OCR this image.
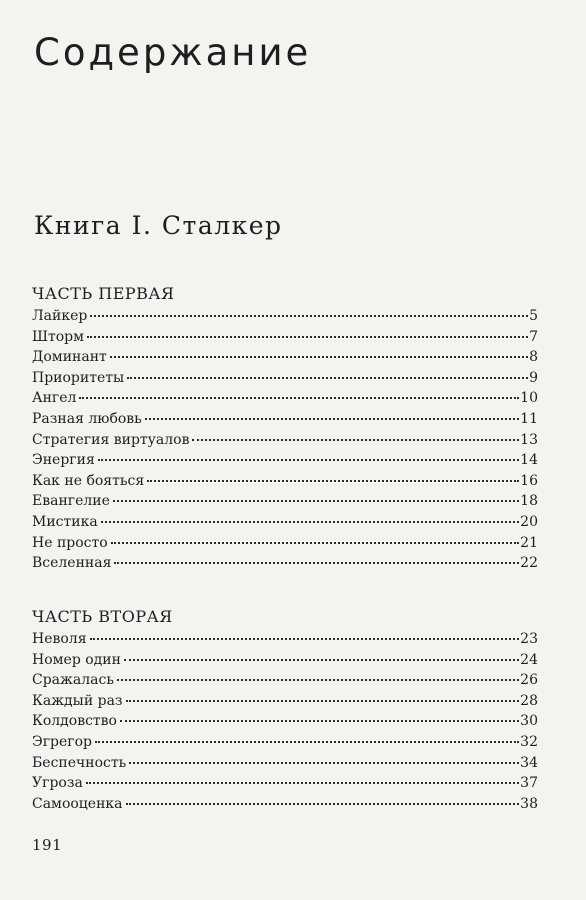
Содержание
Книга I. Сталкер
ЧАСТЬ ПЕРВАЯ
Лайкер	5
Шторм	7
Доминант	8
Приоритеты	9
Ангел	10
Разная любовь	11
Стратегия виртуалов	13
Энергия	14
Как не бояться	16
Евангелие	18
Мистика	20
Не просто	21
Вселенная	22
ЧАСТЬ ВТОРАЯ
Неволя	23
Номер один	24
Сражалась	26
Каждый раз	28
Колдовство	30
Эгрегор	32
Беспечность	34
Угроза	37
Самооценка	38
191
